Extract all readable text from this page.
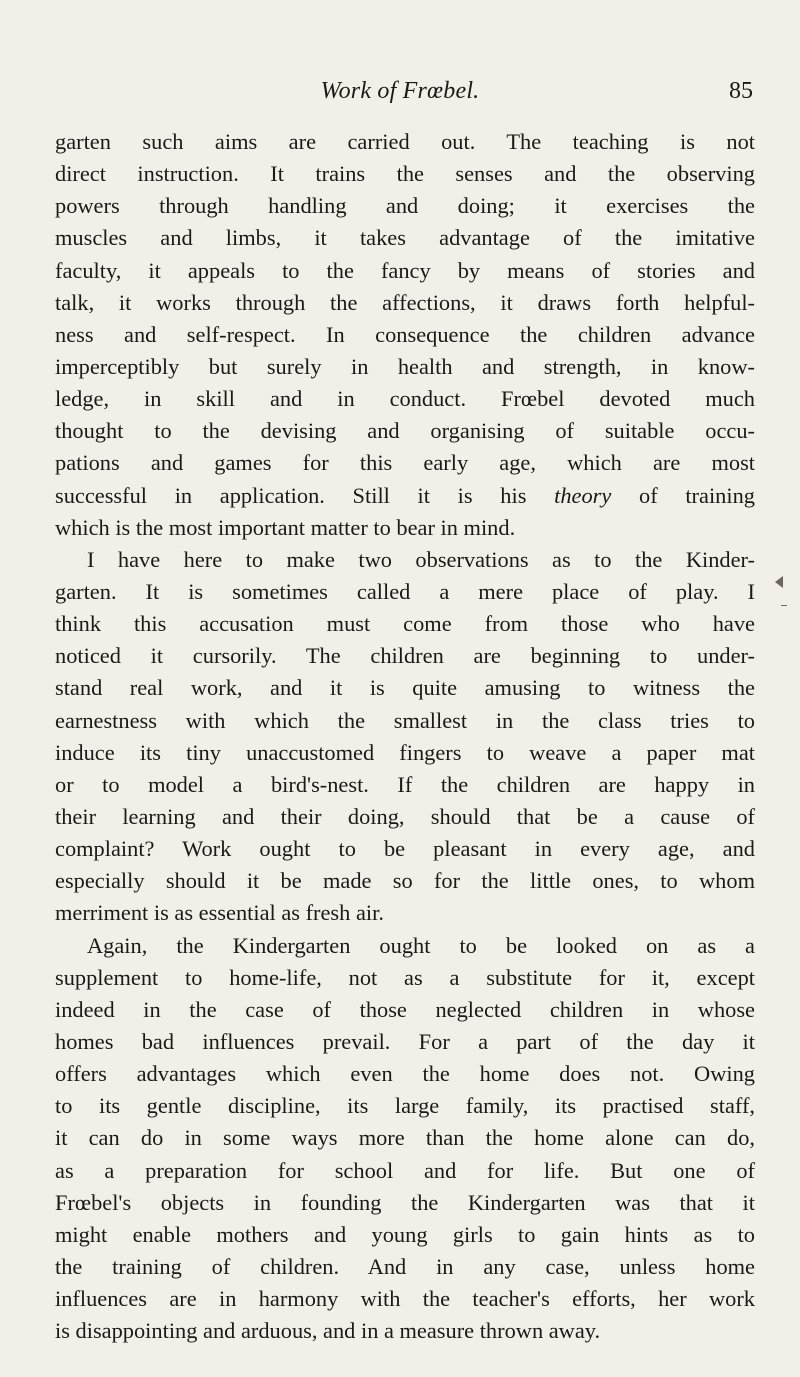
Work of Frœbel.	85
garten such aims are carried out. The teaching is not
direct instruction. It trains the senses and the observing
powers through handling and doing; it exercises the
muscles and limbs, it takes advantage of the imitative
faculty, it appeals to the fancy by means of stories and
talk, it works through the affections, it draws forth helpful-
ness and self-respect. In consequence the children advance
imperceptibly but surely in health and strength, in know-
ledge, in skill and in conduct. Frœbel devoted much
thought to the devising and organising of suitable occu-
pations and games for this early age, which are most
successful in application. Still it is his theory of training
which is the most important matter to bear in mind.
I have here to make two observations as to the Kinder-
garten. It is sometimes called a mere place of play. I
think this accusation must come from those who have
noticed it cursorily. The children are beginning to under-
stand real work, and it is quite amusing to witness the
earnestness with which the smallest in the class tries to
induce its tiny unaccustomed fingers to weave a paper mat
or to model a bird's-nest. If the children are happy in
their learning and their doing, should that be a cause of
complaint? Work ought to be pleasant in every age, and
especially should it be made so for the little ones, to whom
merriment is as essential as fresh air.
Again, the Kindergarten ought to be looked on as a
supplement to home-life, not as a substitute for it, except
indeed in the case of those neglected children in whose
homes bad influences prevail. For a part of the day it
offers advantages which even the home does not. Owing
to its gentle discipline, its large family, its practised staff,
it can do in some ways more than the home alone can do,
as a preparation for school and for life. But one of
Frœbel's objects in founding the Kindergarten was that it
might enable mothers and young girls to gain hints as to
the training of children. And in any case, unless home
influences are in harmony with the teacher's efforts, her work
is disappointing and arduous, and in a measure thrown away.
